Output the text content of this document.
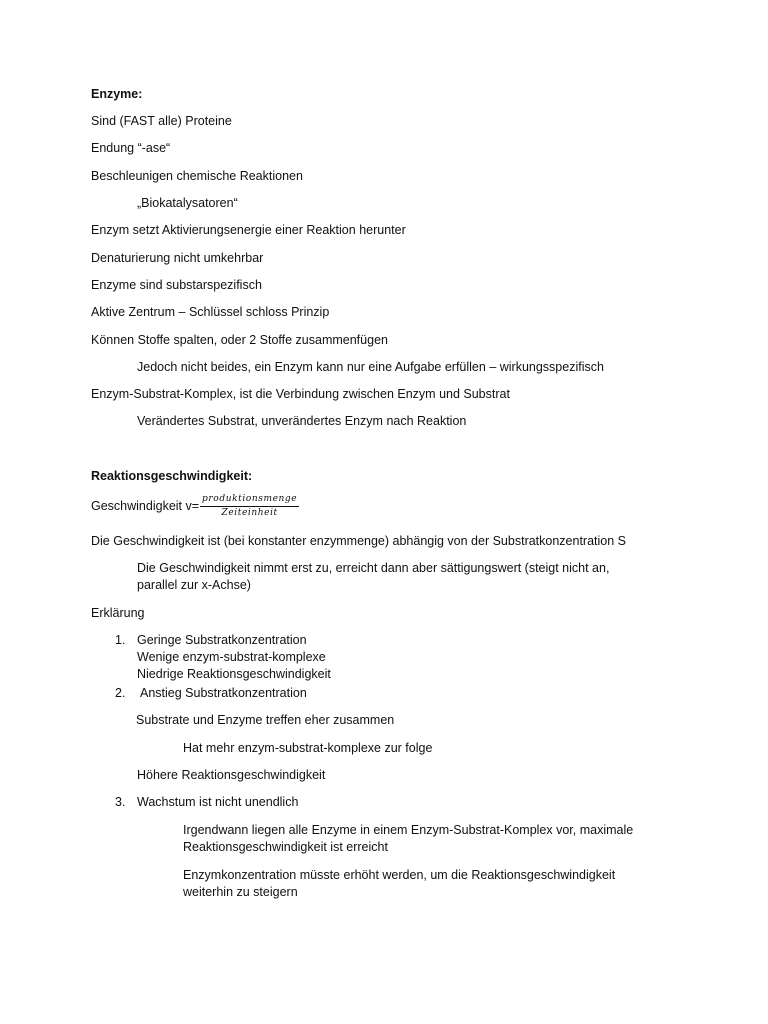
Enzyme:
Sind (FAST alle) Proteine
Endung “-ase“
Beschleunigen chemische Reaktionen
„Biokatalysatoren“
Enzym setzt Aktivierungsenergie einer Reaktion herunter
Denaturierung nicht umkehrbar
Enzyme sind substarspezifisch
Aktive Zentrum – Schlüssel schloss Prinzip
Können Stoffe spalten, oder 2 Stoffe zusammenfügen
Jedoch nicht beides, ein Enzym kann nur eine Aufgabe erfüllen – wirkungsspezifisch
Enzym-Substrat-Komplex, ist die Verbindung zwischen Enzym und Substrat
Verändertes Substrat, unverändertes Enzym nach Reaktion
Reaktionsgeschwindigkeit:
Geschwindigkeit $v= \frac{\text{produktionsmenge}}{\text{Zeiteinheit}}$
Die Geschwindigkeit ist (bei konstanter enzymmenge) abhängig von der Substratkonzentration S
Die Geschwindigkeit nimmt erst zu, erreicht dann aber sättigungswert (steigt nicht an,
parallel zur x-Achse)
Erklärung
1. Geringe Substratkonzentration
Wenige enzym-substrat-komplexe
Niedrige Reaktionsgeschwindigkeit
2. Anstieg Substratkonzentration
Substrate und Enzyme treffen eher zusammen
Hat mehr enzym-substrat-komplexe zur folge
Höhere Reaktionsgeschwindigkeit
3. Wachstum ist nicht unendlich
Irgendwann liegen alle Enzyme in einem Enzym-Substrat-Komplex vor, maximale
Reaktionsgeschwindigkeit ist erreicht
Enzymkonzentration müsste erhöht werden, um die Reaktionsgeschwindigkeit
weiterhin zu steigern
